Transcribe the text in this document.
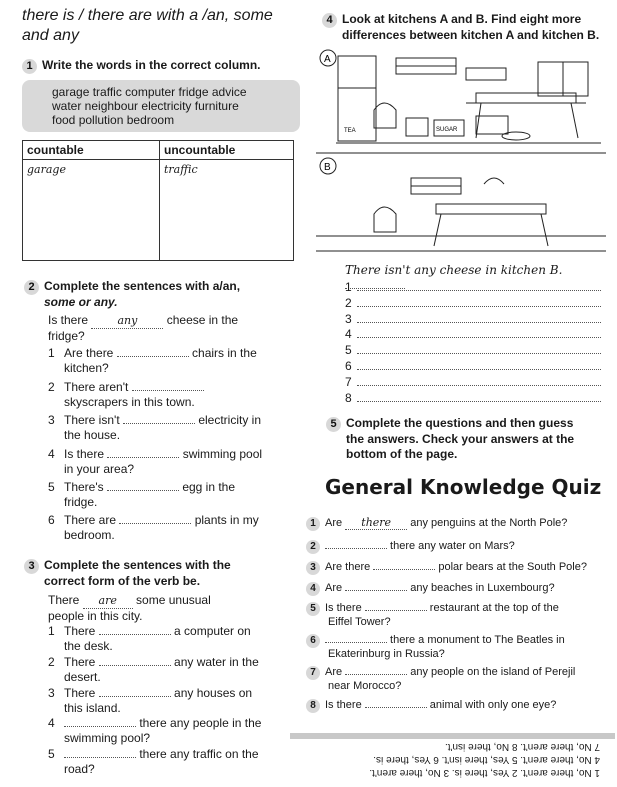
there is / there are with a /an, some
and any
1 Write the words in the correct column.
garage traffic computer fridge advice
water neighbour electricity furniture
food pollution bedroom
countable	uncountable
garage	traffic
2 Complete the sentences with a/an,
some or any.
Is there	any cheese in the
fridge?
1 Are there	chairs in the
kitchen?
2 There aren't
skyscrapers in this town.
3 There isn't	electricity in
the house.
4 Is there	swimming pool
in your area?
5 There's	egg in the
fridge.
6 There are	plants in my
bedroom.
3 Complete the sentences with the
correct form of the verb be.
There are some unusual
people in this city.
1 There	a computer on
the desk.
2 There	any water in the
desert.
3 There	any houses on
this island.
4	there any people in the
swimming pool?
5	there any traffic on the
road?
4 Look at kitchens A and B. Find eight more
differences between kitchen A and kitchen B.
A
TEA	SUGAR
B
There isn't any cheese in kitchen B.
1
2
3
4
5
6
7
8
5 Complete the questions and then guess
the answers. Check your answers at the
bottom of the page.
General Knowledge Quiz
1 Are there any penguins at the North Pole?
2	there any water on Mars?
3 Are there	polar bears at the South Pole?
4 Are	any beaches in Luxembourg?
5 Is there	restaurant at the top of the
Eiffel Tower?
6	there a monument to The Beatles in
Ekaterinburg in Russia?
7 Are	any people on the island of Perejil
near Morocco?
8 Is there	animal with only one eye?
1 No, there aren't. 2 Yes, there is. 3 No, there aren't.
4 No, there aren't. 5 Yes, there isn't. 6 Yes, there is.
7 No, there aren't. 8 No, there isn't.
